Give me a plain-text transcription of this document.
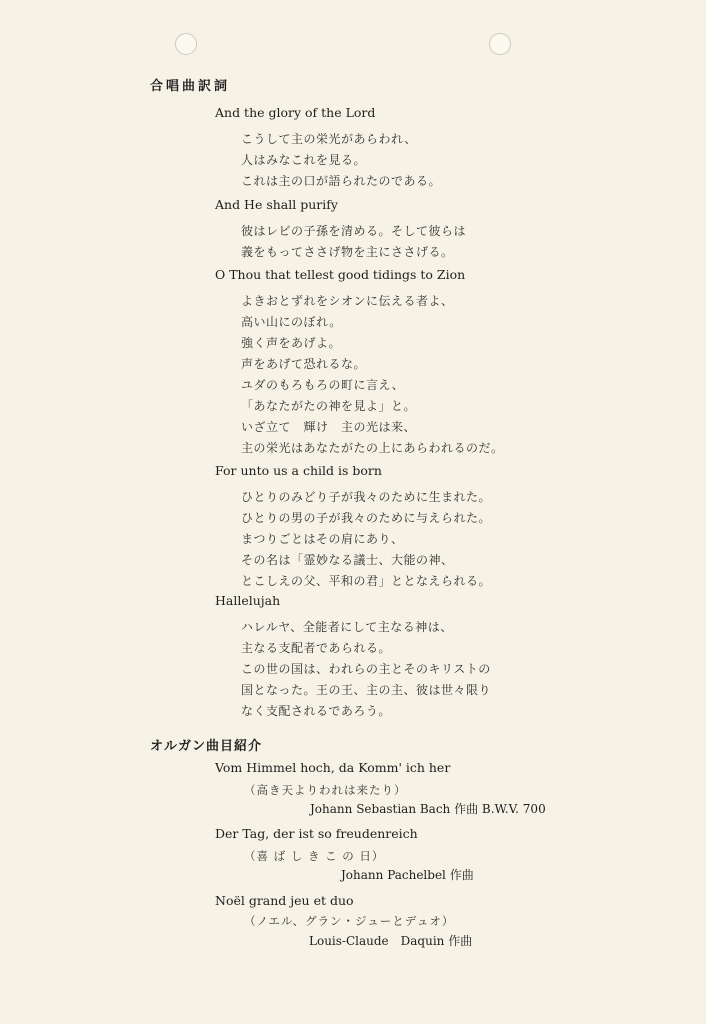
合唱曲訳詞
And the glory of the Lord
こうして主の栄光があらわれ、
人はみなこれを見る。
これは主の口が語られたのである。
And He shall purify
彼はレビの子孫を清める。そして彼らは
義をもってささげ物を主にささげる。
O Thou that tellest good tidings to Zion
よきおとずれをシオンに伝える者よ、
高い山にのぼれ。
強く声をあげよ。
声をあげて恐れるな。
ユダのもろもろの町に言え、
「あなたがたの神を見よ」と。
いざ立て　輝け　主の光は来、
主の栄光はあなたがたの上にあらわれるのだ。
For unto us a child is born
ひとりのみどり子が我々のために生まれた。
ひとりの男の子が我々のために与えられた。
まつりごとはその肩にあり、
その名は「霊妙なる議士、大能の神、
とこしえの父、平和の君」ととなえられる。
Hallelujah
ハレルヤ、全能者にして主なる神は、
主なる支配者であられる。
この世の国は、われらの主とそのキリストの
国となった。王の王、主の主、彼は世々限り
なく支配されるであろう。
オルガン曲目紹介
Vom Himmel hoch, da Komm' ich her
（高き天よりわれは来たり）
Johann Sebastian Bach 作曲 B.W.V. 700
Der Tag, der ist so freudenreich
（喜 ば し き こ の 日）
Johann Pachelbel 作曲
Noël grand jeu et duo
（ノエル、グラン・ジューとデュオ）
Louis-Claude　Daquin 作曲
